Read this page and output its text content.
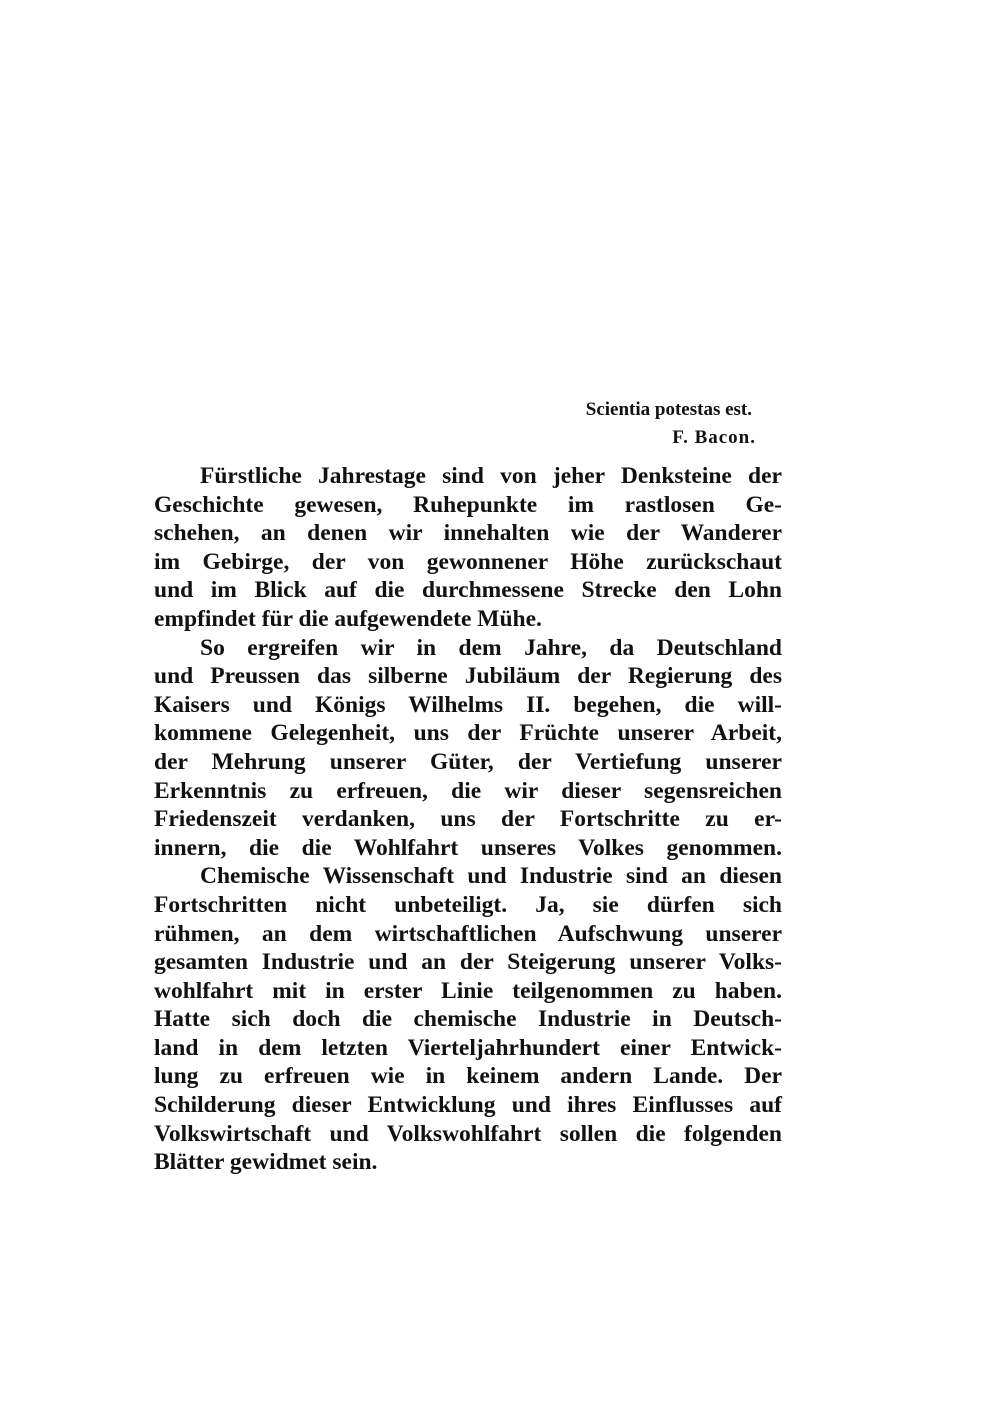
Scientia potestas est.
F. Bacon.
Fürstliche Jahrestage sind von jeher Denksteine der
Geschichte gewesen, Ruhepunkte im rastlosen Ge-
schehen, an denen wir innehalten wie der Wanderer
im Gebirge, der von gewonnener Höhe zurückschaut
und im Blick auf die durchmessene Strecke den Lohn
empfindet für die aufgewendete Mühe.
So ergreifen wir in dem Jahre, da Deutschland
und Preussen das silberne Jubiläum der Regierung des
Kaisers und Königs Wilhelms II. begehen, die will-
kommene Gelegenheit, uns der Früchte unserer Arbeit,
der Mehrung unserer Güter, der Vertiefung unserer
Erkenntnis zu erfreuen, die wir dieser segensreichen
Friedenszeit verdanken, uns der Fortschritte zu er-
innern, die die Wohlfahrt unseres Volkes genommen.
Chemische Wissenschaft und Industrie sind an diesen
Fortschritten nicht unbeteiligt. Ja, sie dürfen sich
rühmen, an dem wirtschaftlichen Aufschwung unserer
gesamten Industrie und an der Steigerung unserer Volks-
wohlfahrt mit in erster Linie teilgenommen zu haben.
Hatte sich doch die chemische Industrie in Deutsch-
land in dem letzten Vierteljahrhundert einer Entwick-
lung zu erfreuen wie in keinem andern Lande. Der
Schilderung dieser Entwicklung und ihres Einflusses auf
Volkswirtschaft und Volkswohlfahrt sollen die folgenden
Blätter gewidmet sein.
